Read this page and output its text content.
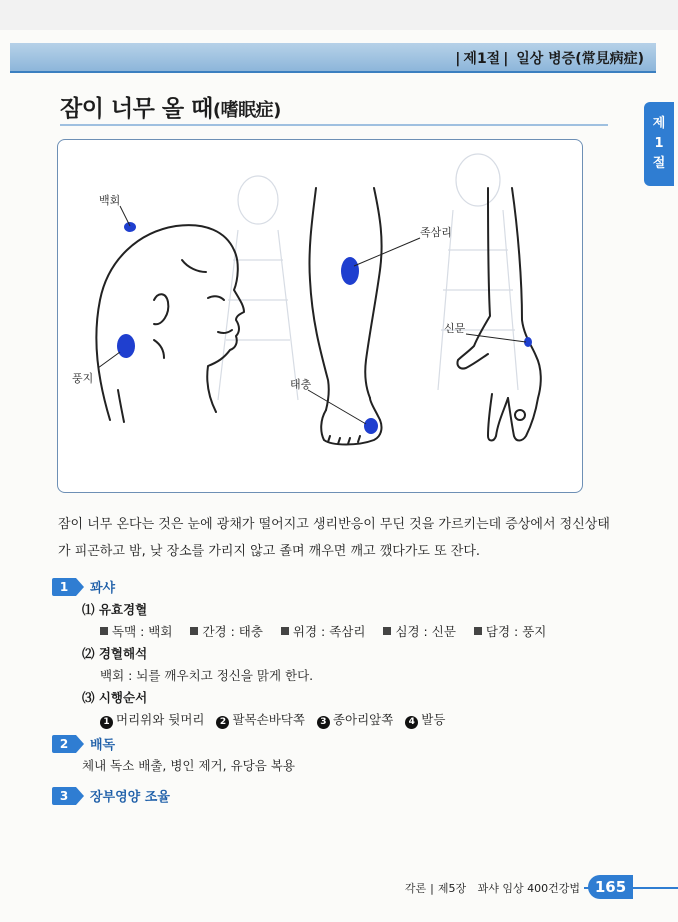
| 제1절 | 일상 병증(常見病症)
제
1
절
잠이 너무 올 때(嗜眠症)
백회
풍지
족삼리
신문
태충
잠이 너무 온다는 것은 눈에 광채가 떨어지고 생리반응이 무딘 것을 가르키는데 증상에서 정신상태가 피곤하고 밤, 낮 장소를 가리지 않고 졸며 깨우면 깨고 깼다가도 또 잔다.
1	꽈샤
⑴ 유효경혈
독맥 : 백회 간경 : 태충 위경 : 족삼리 심경 : 신문 담경 : 풍지
⑵ 경혈해석
백회 : 뇌를 깨우치고 정신을 맑게 한다.
⑶ 시행순서
1 머리위와 뒷머리 2 팔목손바닥쪽 3 종아리앞쪽 4 발등
2	배독
체내 독소 배출, 병인 제거, 유당음 복용
3	장부영양 조율
각론 | 제5장 꽈샤 임상 400건강법 165
